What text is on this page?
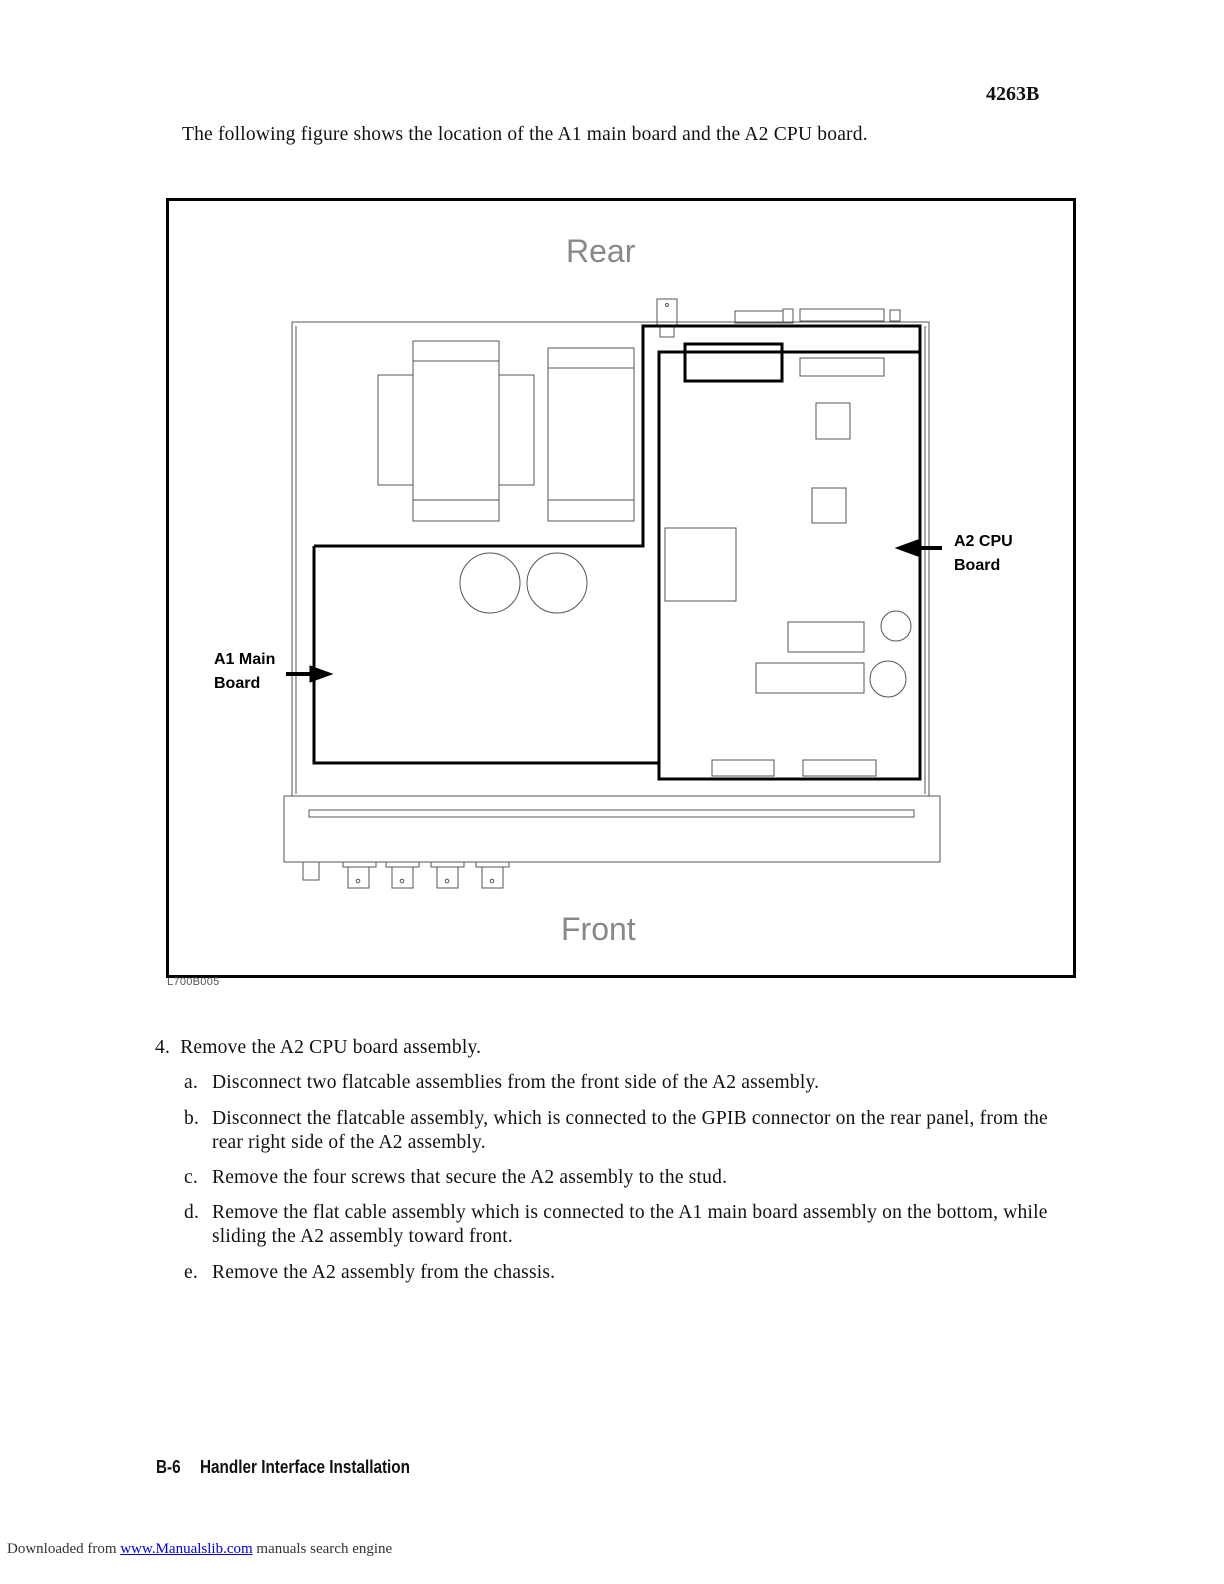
4263B
The following figure shows the location of the A1 main board and the A2 CPU board.
Rear
Front
A1 Main
Board
A2 CPU
Board
L700B005
4. Remove the A2 CPU board assembly.
a. Disconnect two flatcable assemblies from the front side of the A2 assembly.
b. Disconnect the flatcable assembly, which is connected to the GPIB connector on the rear panel, from the rear right side of the A2 assembly.
c. Remove the four screws that secure the A2 assembly to the stud.
d. Remove the flat cable assembly which is connected to the A1 main board assembly on the bottom, while sliding the A2 assembly toward front.
e. Remove the A2 assembly from the chassis.
B-6 Handler Interface Installation
Downloaded from www.Manualslib.com manuals search engine
